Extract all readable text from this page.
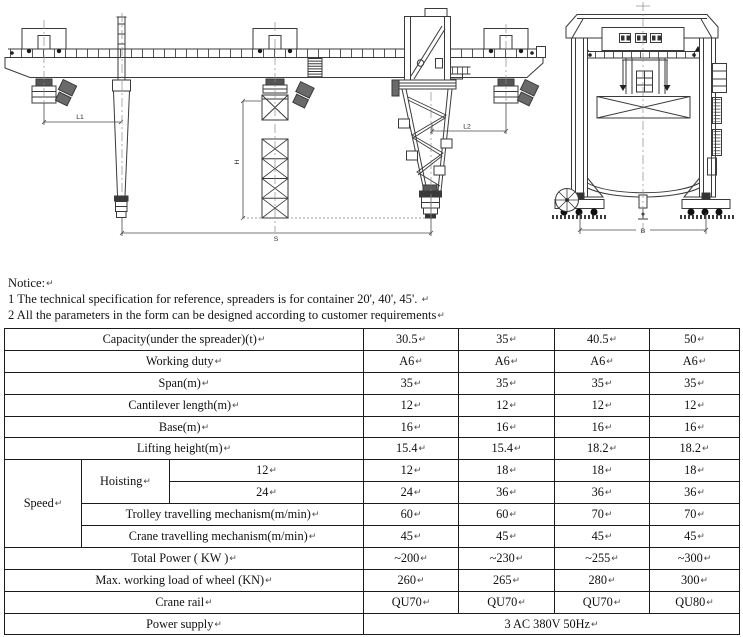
L1
L2
H
S
B
Notice:↵
1 The technical specification for reference, spreaders is for container 20', 40', 45'. ↵
2 All the parameters in the form can be designed according to customer requirements↵
Capacity(under the spreader)(t)↵			30.5↵	35↵	40.5↵	50↵
Working duty↵			A6↵	A6↵	A6↵	A6↵
Span(m)↵			35↵	35↵	35↵	35↵
Cantilever length(m)↵			12↵	12↵	12↵	12↵
Base(m)↵			16↵	16↵	16↵	16↵
Lifting height(m)↵			15.4↵	15.4↵	18.2↵	18.2↵
Speed↵	Hoisting↵	12↵	12↵	18↵	18↵	18↵
		24↵	24↵	36↵	36↵	36↵
	Trolley travelling mechanism(m/min)↵		60↵	60↵	70↵	70↵
	Crane travelling mechanism(m/min)↵		45↵	45↵	45↵	45↵
Total Power ( KW )↵			~200↵	~230↵	~255↵	~300↵
Max. working load of wheel (KN)↵			260↵	265↵	280↵	300↵
Crane rail↵			QU70↵	QU70↵	QU70↵	QU80↵
Power supply↵			3 AC 380V 50Hz↵			
